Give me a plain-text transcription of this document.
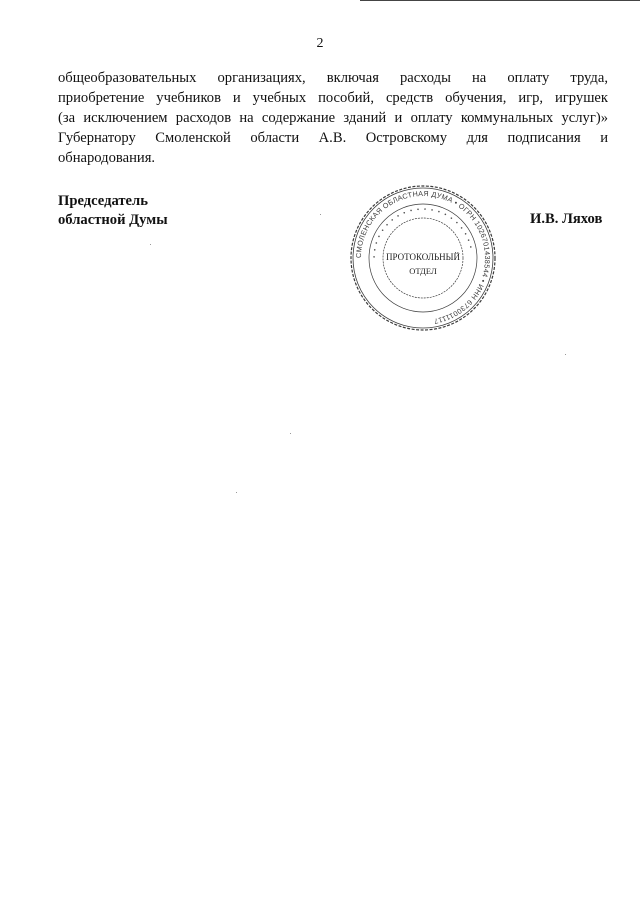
2
общеобразовательных организациях, включая расходы на оплату труда,
приобретение учебников и учебных пособий, средств обучения, игр, игрушек
(за исключением расходов на содержание зданий и оплату коммунальных услуг)»
Губернатору Смоленской области А.В. Островскому для подписания и
обнародования.
Председатель
областной Думы	И.В. Ляхов
СМОЛЕНСКАЯ ОБЛАСТНАЯ ДУМА • ОГРН 1026701438544 • ИНН 6730011117
• • • • • • • • • • • • • • • • • • • • •
ПРОТОКОЛЬНЫЙ
ОТДЕЛ
